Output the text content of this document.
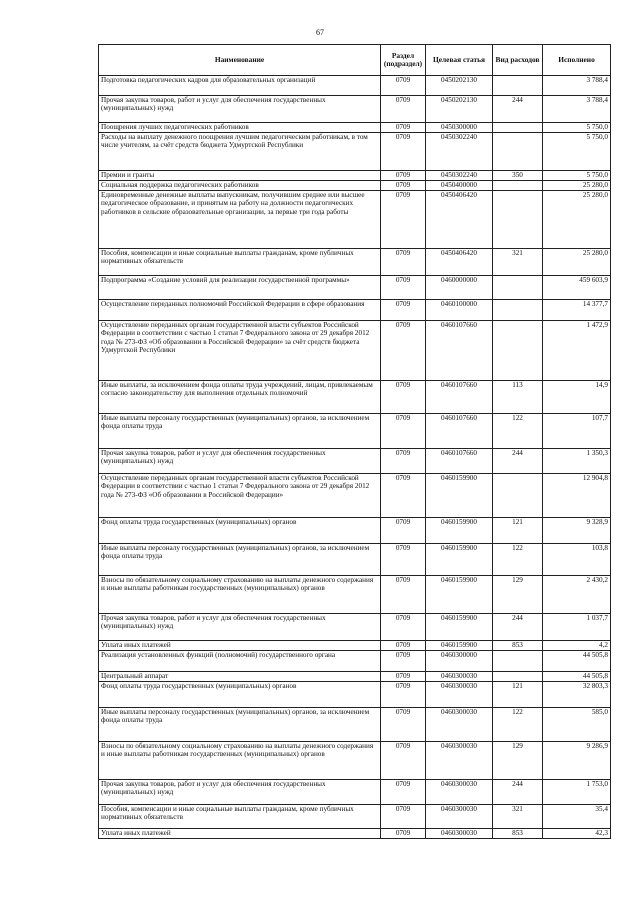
67
Наименование	Раздел (подраздел)	Целевая статья	Вид расходов	Исполнено
Подготовка педагогических кадров для образовательных организаций	0709	0450202130		3 788,4
Прочая закупка товаров, работ и услуг для обеспечения государственных (муниципальных) нужд	0709	0450202130	244	3 788,4
Поощрения лучших педагогических работников	0709	0450300000		5 750,0
Расходы на выплату денежного поощрения лучшим педагогическим работникам, в том числе учителям, за счёт средств бюджета Удмуртской Республики	0709	0450302240		5 750,0
Премии и гранты	0709	0450302240	350	5 750,0
Социальная поддержка педагогических работников	0709	0450400000		25 280,0
Единовременные денежные выплаты выпускникам, получившим среднее или высшее педагогическое образование, и принятым на работу на должности педагогических работников в сельские образовательные организации, за первые три года работы	0709	0450406420		25 280,0
Пособия, компенсации и иные социальные выплаты гражданам, кроме публичных нормативных обязательств	0709	0450406420	321	25 280,0
Подпрограмма «Создание условий для реализации государственной программы»	0709	0460000000		459 603,9
Осуществление переданных полномочий Российской Федерации в сфере образования	0709	0460100000		14 377,7
Осуществление переданных органам государственной власти субъектов Российской Федерации в соответствии с частью 1 статьи 7 Федерального закона от 29 декабря 2012 года № 273-ФЗ «Об образовании в Российской Федерации» за счёт средств бюджета Удмуртской Республики	0709	0460107660		1 472,9
Иные выплаты, за исключением фонда оплаты труда учреждений, лицам, привлекаемым согласно законодательству для выполнения отдельных полномочий	0709	0460107660	113	14,9
Иные выплаты персоналу государственных (муниципальных) органов, за исключением фонда оплаты труда	0709	0460107660	122	107,7
Прочая закупка товаров, работ и услуг для обеспечения государственных (муниципальных) нужд	0709	0460107660	244	1 350,3
Осуществление переданных органам государственной власти субъектов Российской Федерации в соответствии с частью 1 статьи 7 Федерального закона от 29 декабря 2012 года № 273-ФЗ «Об образовании в Российской Федерации»	0709	0460159900		12 904,8
Фонд оплаты труда государственных (муниципальных) органов	0709	0460159900	121	9 328,9
Иные выплаты персоналу государственных (муниципальных) органов, за исключением фонда оплаты труда	0709	0460159900	122	103,8
Взносы по обязательному социальному страхованию на выплаты денежного содержания и иные выплаты работникам государственных (муниципальных) органов	0709	0460159900	129	2 430,2
Прочая закупка товаров, работ и услуг для обеспечения государственных (муниципальных) нужд	0709	0460159900	244	1 037,7
Уплата иных платежей	0709	0460159900	853	4,2
Реализация установленных функций (полномочий) государственного органа	0709	0460300000		44 505,8
Центральный аппарат	0709	0460300030		44 505,8
Фонд оплаты труда государственных (муниципальных) органов	0709	0460300030	121	32 803,3
Иные выплаты персоналу государственных (муниципальных) органов, за исключением фонда оплаты труда	0709	0460300030	122	585,0
Взносы по обязательному социальному страхованию на выплаты денежного содержания и иные выплаты работникам государственных (муниципальных) органов	0709	0460300030	129	9 286,9
Прочая закупка товаров, работ и услуг для обеспечения государственных (муниципальных) нужд	0709	0460300030	244	1 753,0
Пособия, компенсации и иные социальные выплаты гражданам, кроме публичных нормативных обязательств	0709	0460300030	321	35,4
Уплата иных платежей	0709	0460300030	853	42,3
